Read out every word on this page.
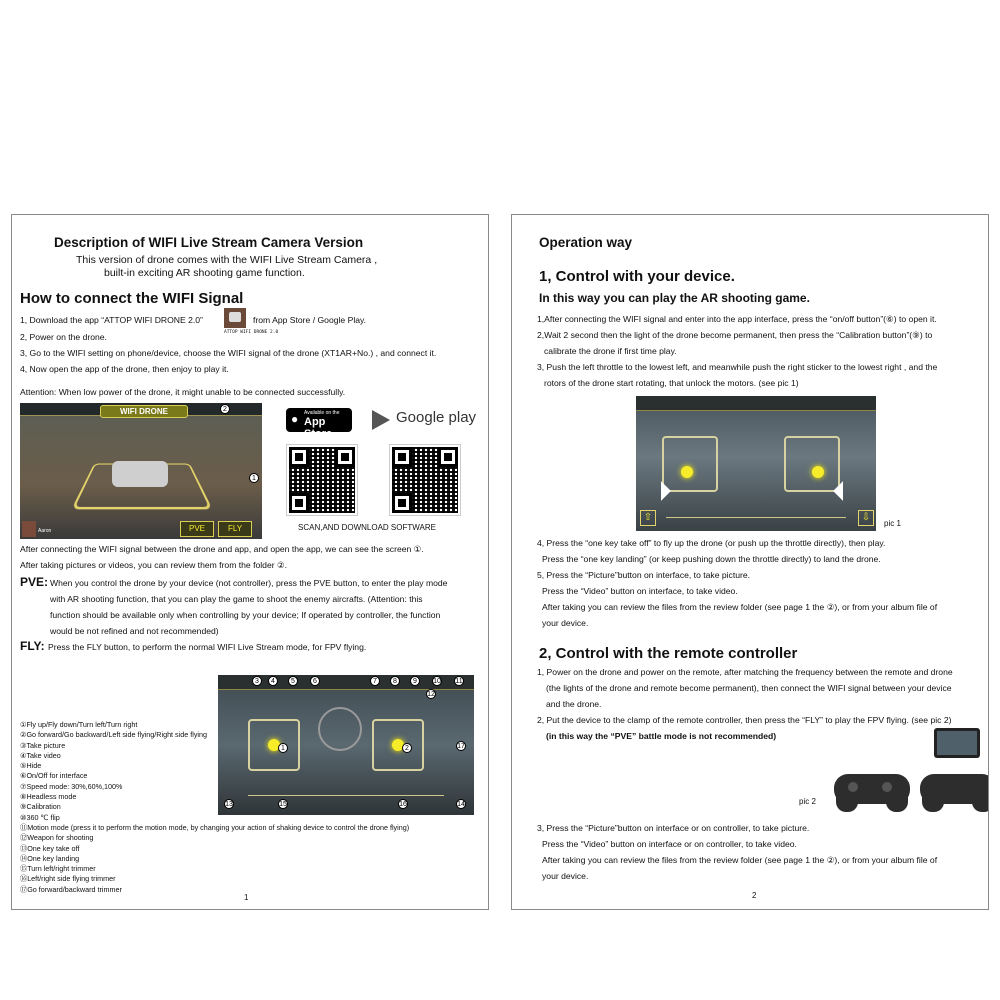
Description of WIFI Live Stream Camera Version
This version of drone comes with the WIFI Live Stream Camera ,
built-in exciting AR shooting game function.
How to connect the WIFI Signal
1, Download the app “ATTOP WIFI DRONE 2.0”
ATTOP WIFI DRONE 2.0
from App Store / Google Play.
2, Power on the drone.
3, Go to the WIFI setting on phone/device, choose the WIFI signal of the drone (XT1AR+No.) , and connect it.
4, Now open the app of the drone, then enjoy to play it.
Attention: When low power of the drone, it might unable to be connected successfully.
WIFI DRONE
Aaron	PVE	FLY
1
2
● Available on the
App Store
Google play
SCAN,AND DOWNLOAD SOFTWARE
After connecting the WIFI signal between the drone and app, and open the app, we can see the screen ①.
After taking pictures or videos, you can review them from the folder ②.
PVE: When you control the drone by your device (not controller), press the PVE button, to enter the play mode
with AR shooting function, that you can play the game to shoot the enemy aircrafts. (Attention: this
function should be available only when controlling by your device; If operated by controller, the function
would be not refined and not recommended)
FLY: Press the FLY button, to perform the normal WIFI Live Stream mode, for FPV flying.
3	4	5	6	7	8	9	10 11
1	2
12
17
13	15	16	14
①Fly up/Fly down/Turn left/Turn right
②Go forward/Go backward/Left side flying/Right side flying
③Take picture
④Take video
⑤Hide
⑥On/Off for interface
⑦Speed mode: 30%,60%,100%
⑧Headless mode
⑨Calibration
⑩360 ℃ flip
⑪Motion mode (press it to perform the motion mode, by changing your action of shaking device to control the drone flying)
⑫Weapon for shooting
⑬One key take off
⑭One key landing
⑮Turn left/right trimmer
⑯Left/right side flying trimmer
⑰Go forward/backward trimmer
1
Operation way
1, Control with your device.
In this way you can play the AR shooting game.
1,After connecting the WIFI signal and enter into the app interface, press the “on/off button”(⑥) to open it.
2,Wait 2 second then the light of the drone become permanent, then press the “Calibration button”(⑨) to
calibrate the drone if first time play.
3, Push the left throttle to the lowest left, and meanwhile push the right sticker to the lowest right , and the
rotors of the drone start rotating, that unlock the motors. (see pic 1)
⇧	⇩
pic 1
4, Press the “one key take off” to fly up the drone (or push up the throttle directly), then play.
Press the “one key landing” (or keep pushing down the throttle directly) to land the drone.
5, Press the “Picture”button on interface, to take picture.
Press the “Video” button on interface, to take video.
After taking you can review the files from the review folder (see page 1 the ②), or from your album file of
your device.
2, Control with the remote controller
1, Power on the drone and power on the remote, after matching the frequency between the remote and drone
(the lights of the drone and remote become permanent), then connect the WIFI signal between your device
and the drone.
2, Put the device to the clamp of the remote controller, then press the “FLY” to play the FPV flying. (see pic 2)
(in this way the “PVE” battle mode is not recommended)
pic 2
3, Press the “Picture”button on interface or on controller, to take picture.
Press the “Video” button on interface or on controller, to take video.
After taking you can review the files from the review folder (see page 1 the ②), or from your album file of
your device.
2
